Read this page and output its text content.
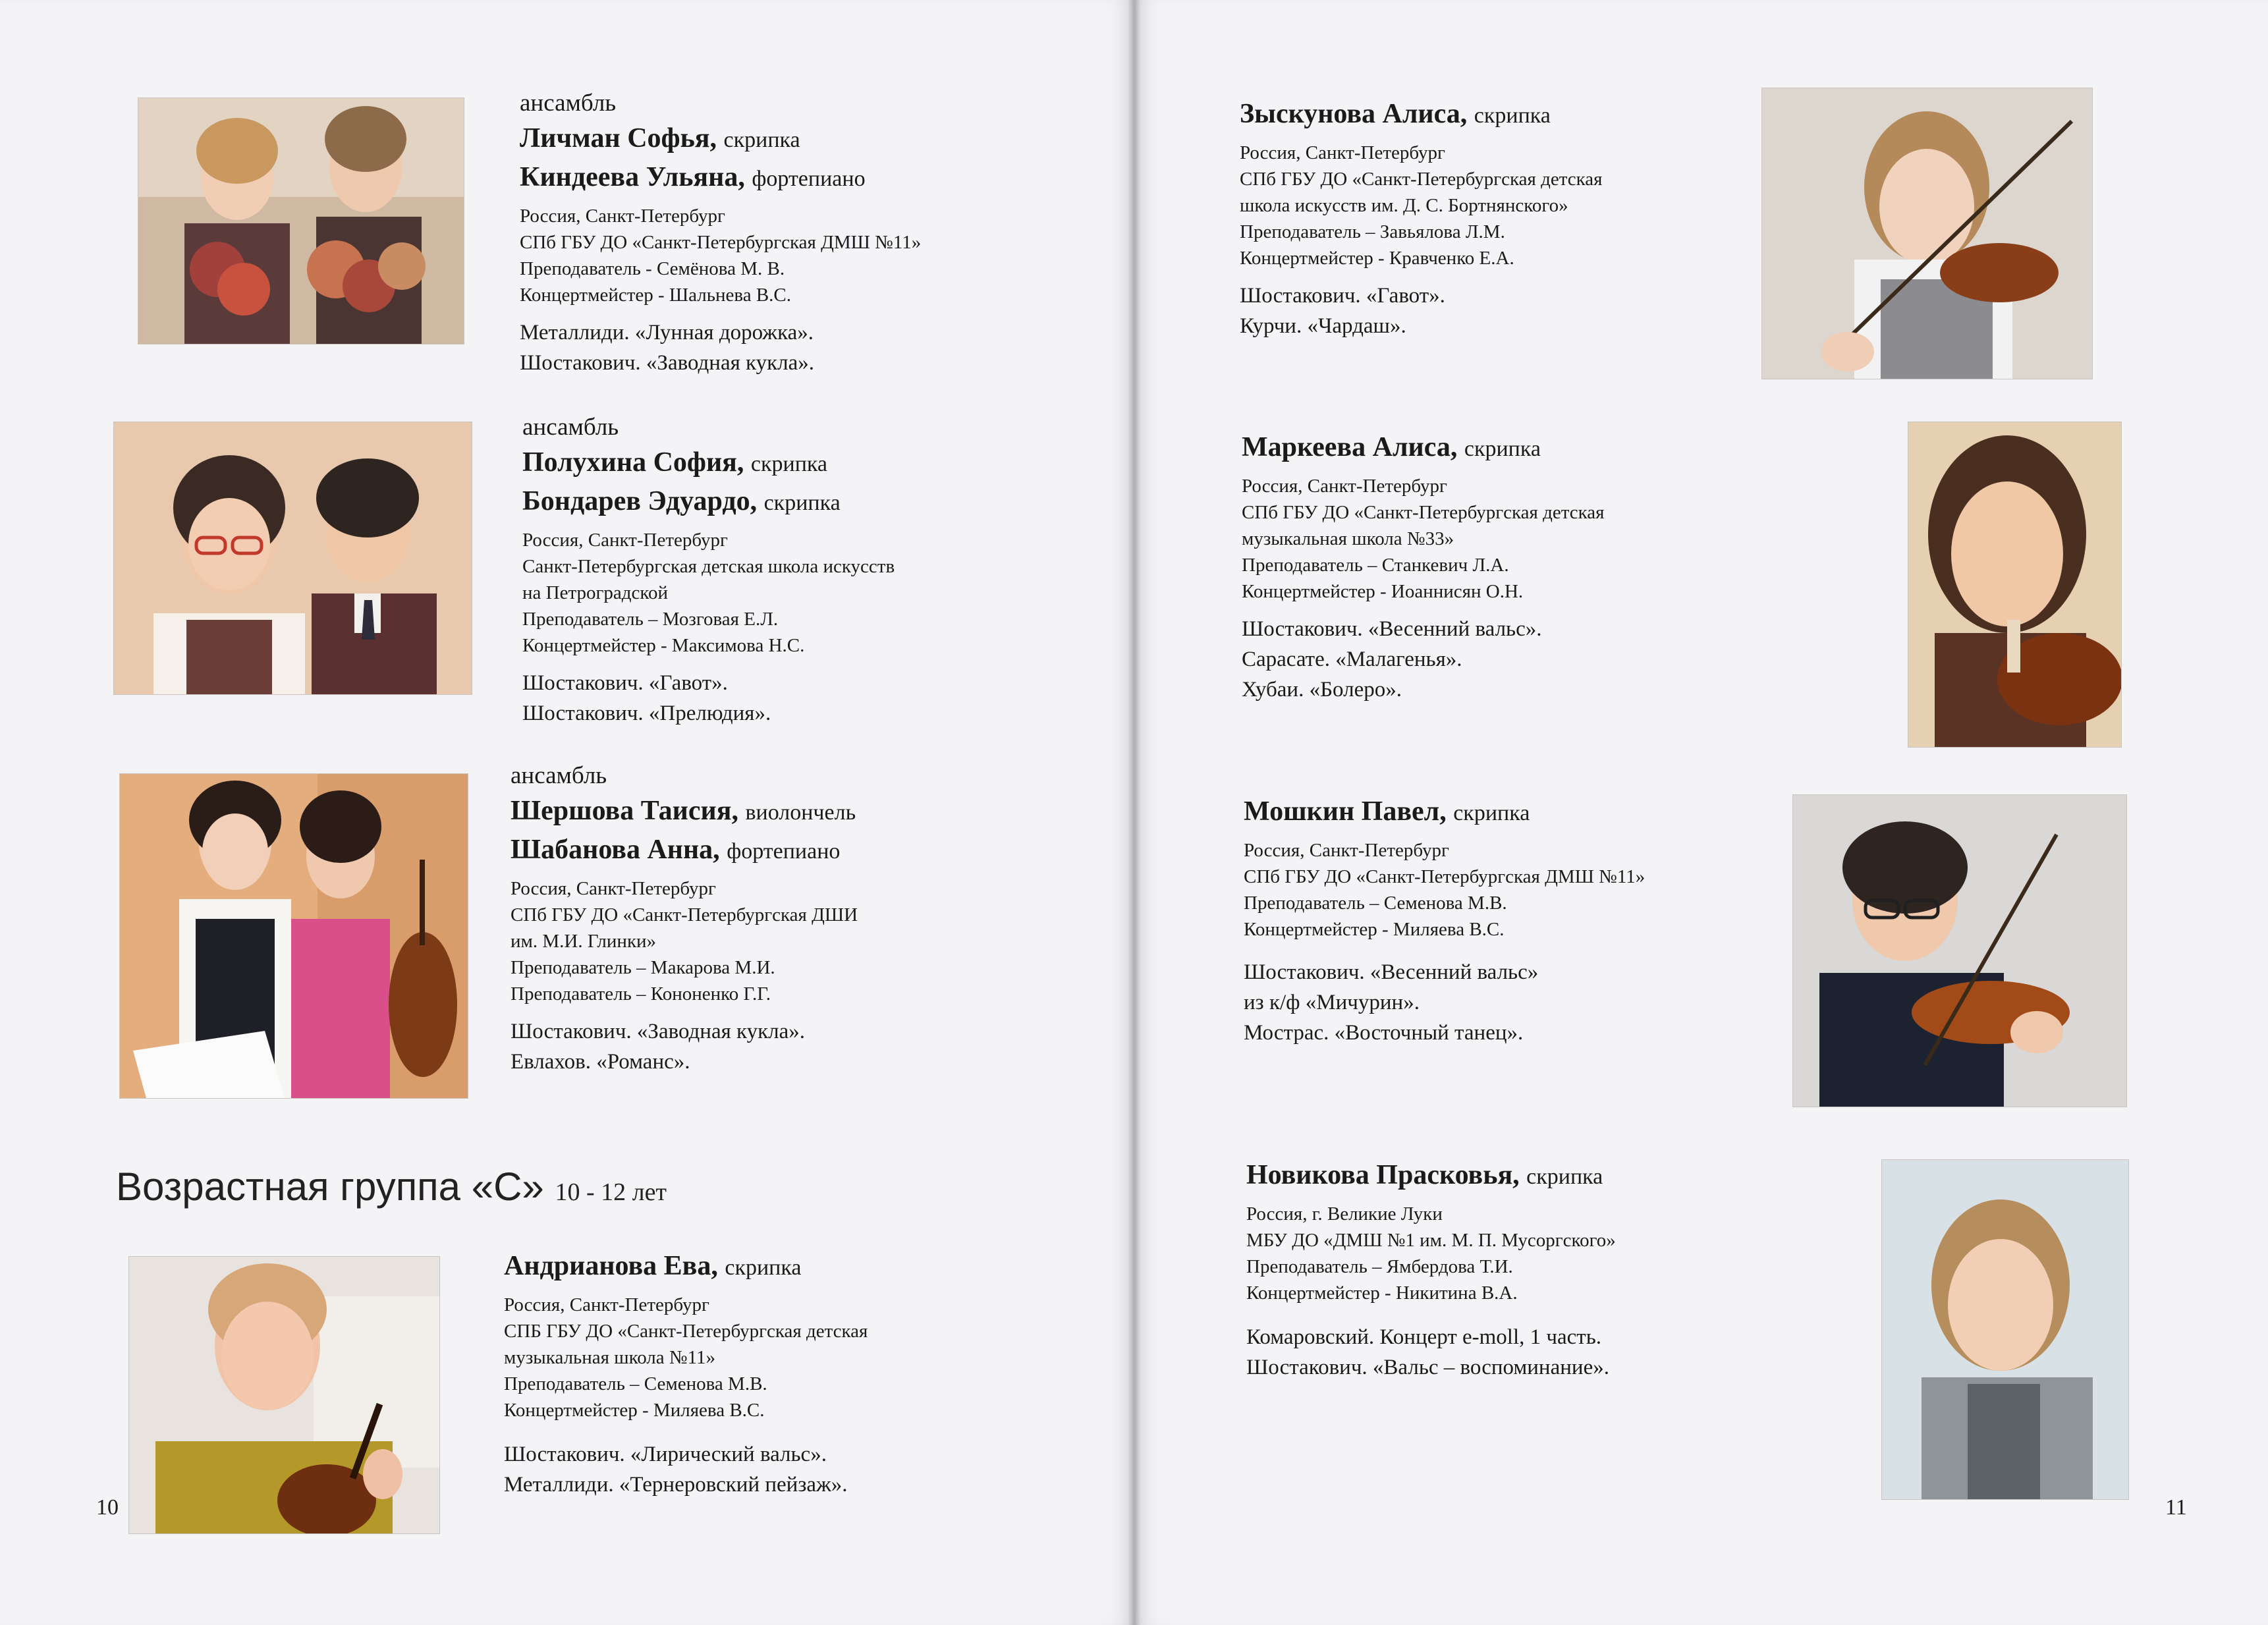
ансамбль
Личман Софья, скрипка
Киндеева Ульяна, фортепиано
Россия, Санкт-Петербург
СПб ГБУ ДО «Санкт-Петербургская ДМШ №11»
Преподаватель - Семёнова М. В.
Концертмейстер - Шальнева В.С.
Металлиди. «Лунная дорожка».
Шостакович. «Заводная кукла».
ансамбль
Полухина София, скрипка
Бондарев Эдуардо, скрипка
Россия, Санкт-Петербург
Санкт-Петербургская детская школа искусств
на Петроградской
Преподаватель – Мозговая Е.Л.
Концертмейстер - Максимова Н.С.
Шостакович. «Гавот».
Шостакович. «Прелюдия».
ансамбль
Шершова Таисия, виолончель
Шабанова Анна, фортепиано
Россия, Санкт-Петербург
СПб ГБУ ДО «Санкт-Петербургская ДШИ
им. М.И. Глинки»
Преподаватель – Макарова М.И.
Преподаватель – Кононенко Г.Г.
Шостакович. «Заводная кукла».
Евлахов. «Романс».
Возрастная группа «С» 10 - 12 лет
Андрианова Ева, скрипка
Россия, Санкт-Петербург
СПБ ГБУ ДО «Санкт-Петербургская детская
музыкальная школа №11»
Преподаватель – Семенова М.В.
Концертмейстер - Миляева В.С.
Шостакович. «Лирический вальс».
Металлиди. «Тернеровский пейзаж».
10
Зыскунова Алиса, скрипка
Россия, Санкт-Петербург
СПб ГБУ ДО «Санкт-Петербургская детская
школа искусств им. Д. С. Бортнянского»
Преподаватель – Завьялова Л.М.
Концертмейстер - Кравченко Е.А.
Шостакович. «Гавот».
Курчи. «Чардаш».
Маркеева Алиса, скрипка
Россия, Санкт-Петербург
СПб ГБУ ДО «Санкт-Петербургская детская
музыкальная школа №33»
Преподаватель – Станкевич Л.А.
Концертмейстер - Иоаннисян О.Н.
Шостакович. «Весенний вальс».
Сарасате. «Малагенья».
Хубаи. «Болеро».
Мошкин Павел, скрипка
Россия, Санкт-Петербург
СПб ГБУ ДО «Санкт-Петербургская ДМШ №11»
Преподаватель – Семенова М.В.
Концертмейстер - Миляева В.С.
Шостакович. «Весенний вальс»
из к/ф «Мичурин».
Мострас. «Восточный танец».
Новикова Прасковья, скрипка
Россия, г. Великие Луки
МБУ ДО «ДМШ №1 им. М. П. Мусоргского»
Преподаватель – Ямбердова Т.И.
Концертмейстер - Никитина В.А.
Комаровский. Концерт e-moll, 1 часть.
Шостакович. «Вальс – воспоминание».
11
